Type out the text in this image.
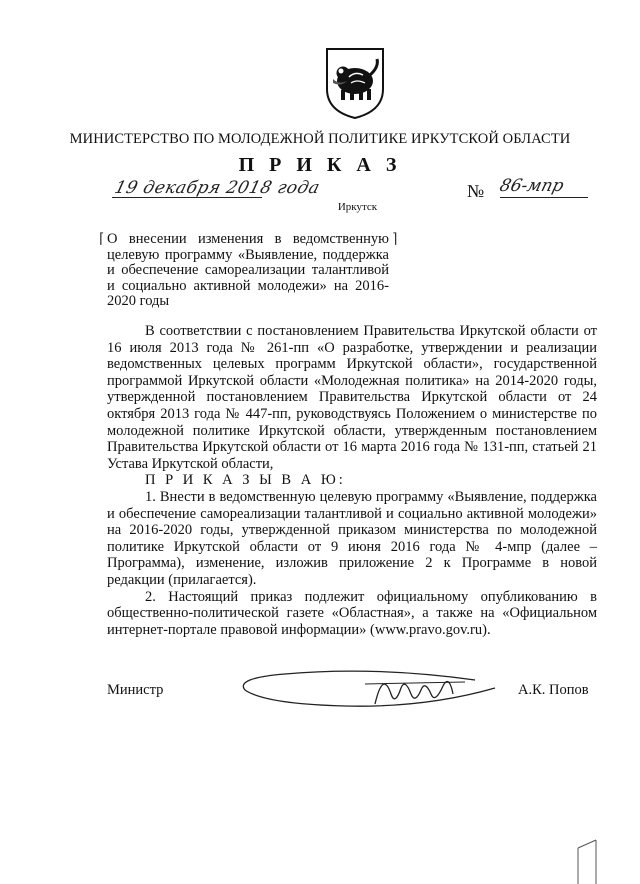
МИНИСТЕРСТВО ПО МОЛОДЕЖНОЙ ПОЛИТИКЕ ИРКУТСКОЙ ОБЛАСТИ
П Р И К А З
19 декабря 2018 года
Иркутск
№ 86-мпр
⌈	⌉
О внесении изменения в ведомственную целевую программу «Выявление, поддержка и обеспечение самореализации талантливой и социально активной молодежи» на 2016-2020 годы

В соответствии с постановлением Правительства Иркутской области от 16 июля 2013 года № 261-пп «О разработке, утверждении и реализации ведомственных целевых программ Иркутской области», государственной программой Иркутской области «Молодежная политика» на 2014-2020 годы, утвержденной постановлением Правительства Иркутской области от 24 октября 2013 года № 447-пп, руководствуясь Положением о министерстве по молодежной политике Иркутской области, утвержденным постановлением Правительства Иркутской области от 16 марта 2016 года № 131-пп, статьей 21 Устава Иркутской области,

П Р И К А З Ы В А Ю:

1. Внести в ведомственную целевую программу «Выявление, поддержка и обеспечение самореализации талантливой и социально активной молодежи» на 2016-2020 годы, утвержденной приказом министерства по молодежной политике Иркутской области от 9 июня 2016 года № 4-мпр (далее – Программа), изменение, изложив приложение 2 к Программе в новой редакции (прилагается).

2. Настоящий приказ подлежит официальному опубликованию в общественно-политической газете «Областная», а также на «Официальном интернет-портале правовой информации» (www.pravo.gov.ru).

Министр	А.К. Попов
